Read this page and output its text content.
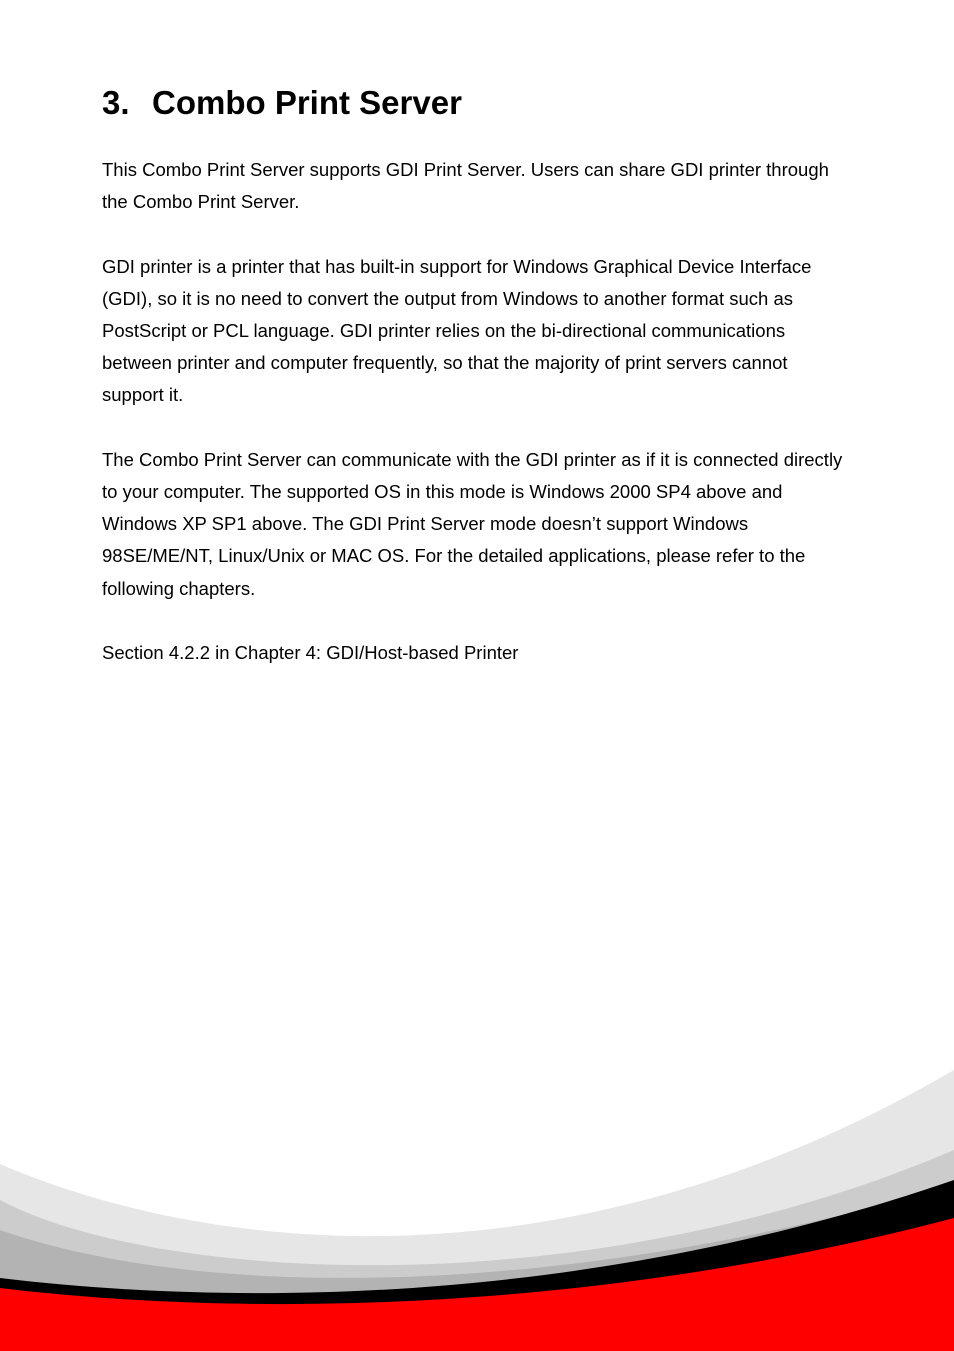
3. Combo Print Server

This Combo Print Server supports GDI Print Server. Users can share GDI printer through the Combo Print Server.

GDI printer is a printer that has built-in support for Windows Graphical Device Interface (GDI), so it is no need to convert the output from Windows to another format such as PostScript or PCL language. GDI printer relies on the bi-directional communications between printer and computer frequently, so that the majority of print servers cannot support it.

The Combo Print Server can communicate with the GDI printer as if it is connected directly to your computer. The supported OS in this mode is Windows 2000 SP4 above and Windows XP SP1 above. The GDI Print Server mode doesn’t support Windows 98SE/ME/NT, Linux/Unix or MAC OS. For the detailed applications, please refer to the following chapters.

Section 4.2.2 in Chapter 4: GDI/Host-based Printer
